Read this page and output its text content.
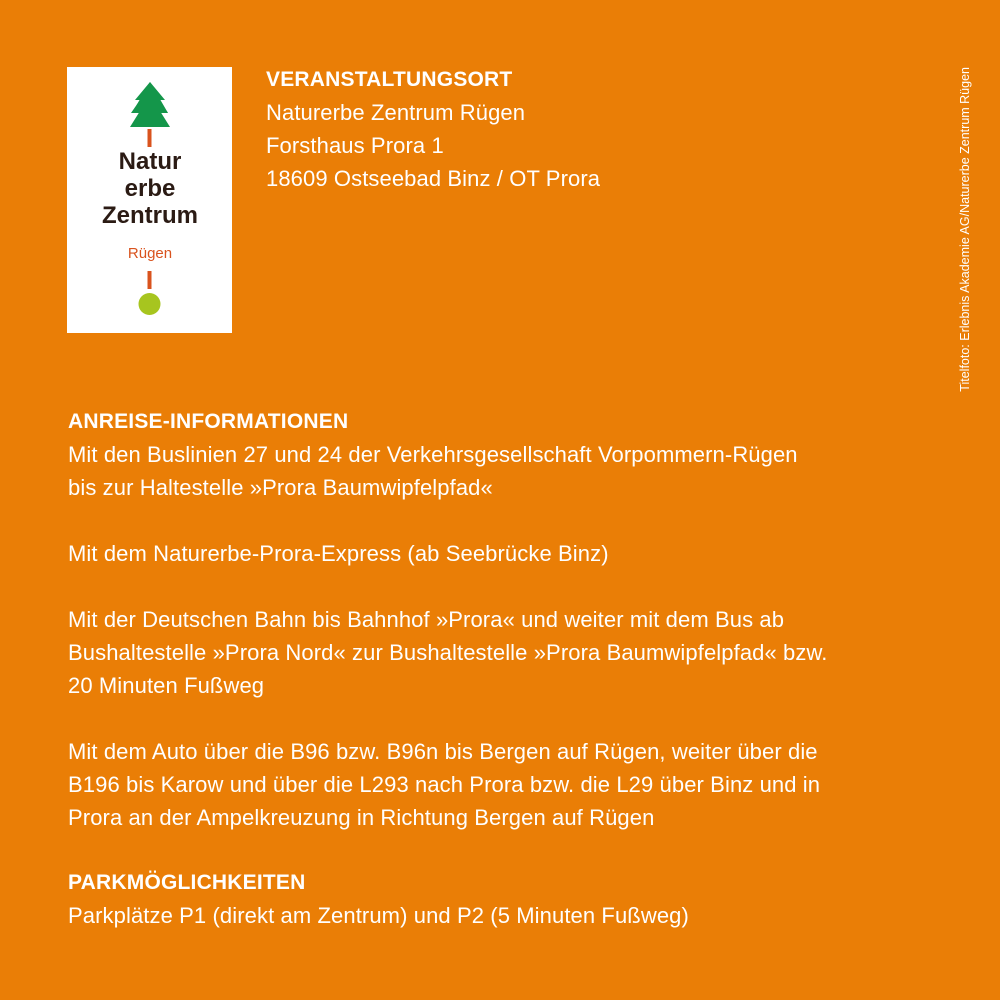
Natur
erbe
Zentrum
Rügen

VERANSTALTUNGSORT

Naturerbe Zentrum Rügen

Forsthaus Prora 1

18609 Ostseebad Binz / OT Prora

ANREISE-INFORMATIONEN

Mit den Buslinien 27 und 24 der Verkehrsgesellschaft Vorpommern-Rügen

bis zur Haltestelle »Prora Baumwipfelpfad«

Mit dem Naturerbe-Prora-Express (ab Seebrücke Binz)

Mit der Deutschen Bahn bis Bahnhof »Prora« und weiter mit dem Bus ab

Bushaltestelle »Prora Nord« zur Bushaltestelle »Prora Baumwipfelpfad« bzw.

20 Minuten Fußweg

Mit dem Auto über die B96 bzw. B96n bis Bergen auf Rügen, weiter über die

B196 bis Karow und über die L293 nach Prora bzw. die L29 über Binz und in

Prora an der Ampelkreuzung in Richtung Bergen auf Rügen

PARKMÖGLICHKEITEN

Parkplätze P1 (direkt am Zentrum) und P2 (5 Minuten Fußweg)

Titelfoto: Erlebnis Akademie AG/Naturerbe Zentrum Rügen
